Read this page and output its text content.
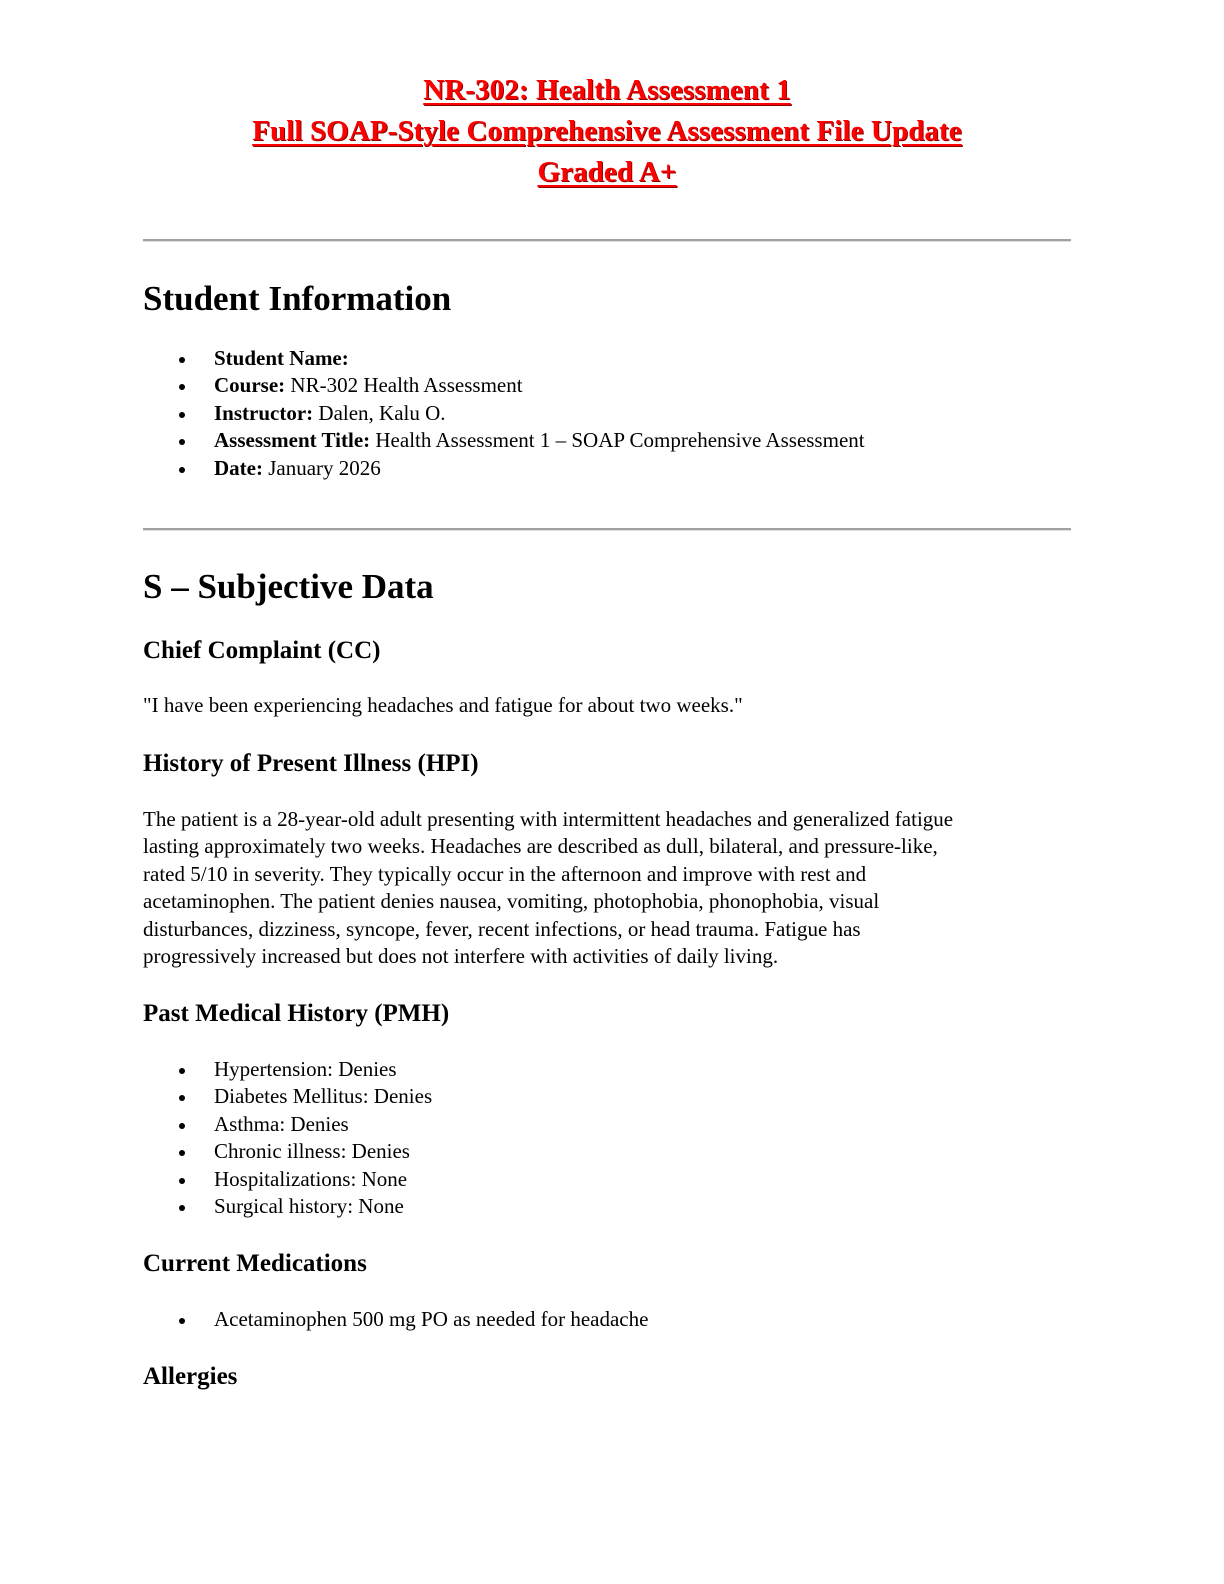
NR-302: Health Assessment 1
Full SOAP-Style Comprehensive Assessment File Update
Graded A+
Student Information
Student Name:
Course: NR-302 Health Assessment
Instructor: Dalen, Kalu O.
Assessment Title: Health Assessment 1 – SOAP Comprehensive Assessment
Date: January 2026
S – Subjective Data
Chief Complaint (CC)

"I have been experiencing headaches and fatigue for about two weeks."

History of Present Illness (HPI)

The patient is a 28-year-old adult presenting with intermittent headaches and generalized fatigue
lasting approximately two weeks. Headaches are described as dull, bilateral, and pressure-like,
rated 5/10 in severity. They typically occur in the afternoon and improve with rest and
acetaminophen. The patient denies nausea, vomiting, photophobia, phonophobia, visual
disturbances, dizziness, syncope, fever, recent infections, or head trauma. Fatigue has
progressively increased but does not interfere with activities of daily living.

Past Medical History (PMH)
Hypertension: Denies
Diabetes Mellitus: Denies
Asthma: Denies
Chronic illness: Denies
Hospitalizations: None
Surgical history: None
Current Medications
Acetaminophen 500 mg PO as needed for headache
Allergies
